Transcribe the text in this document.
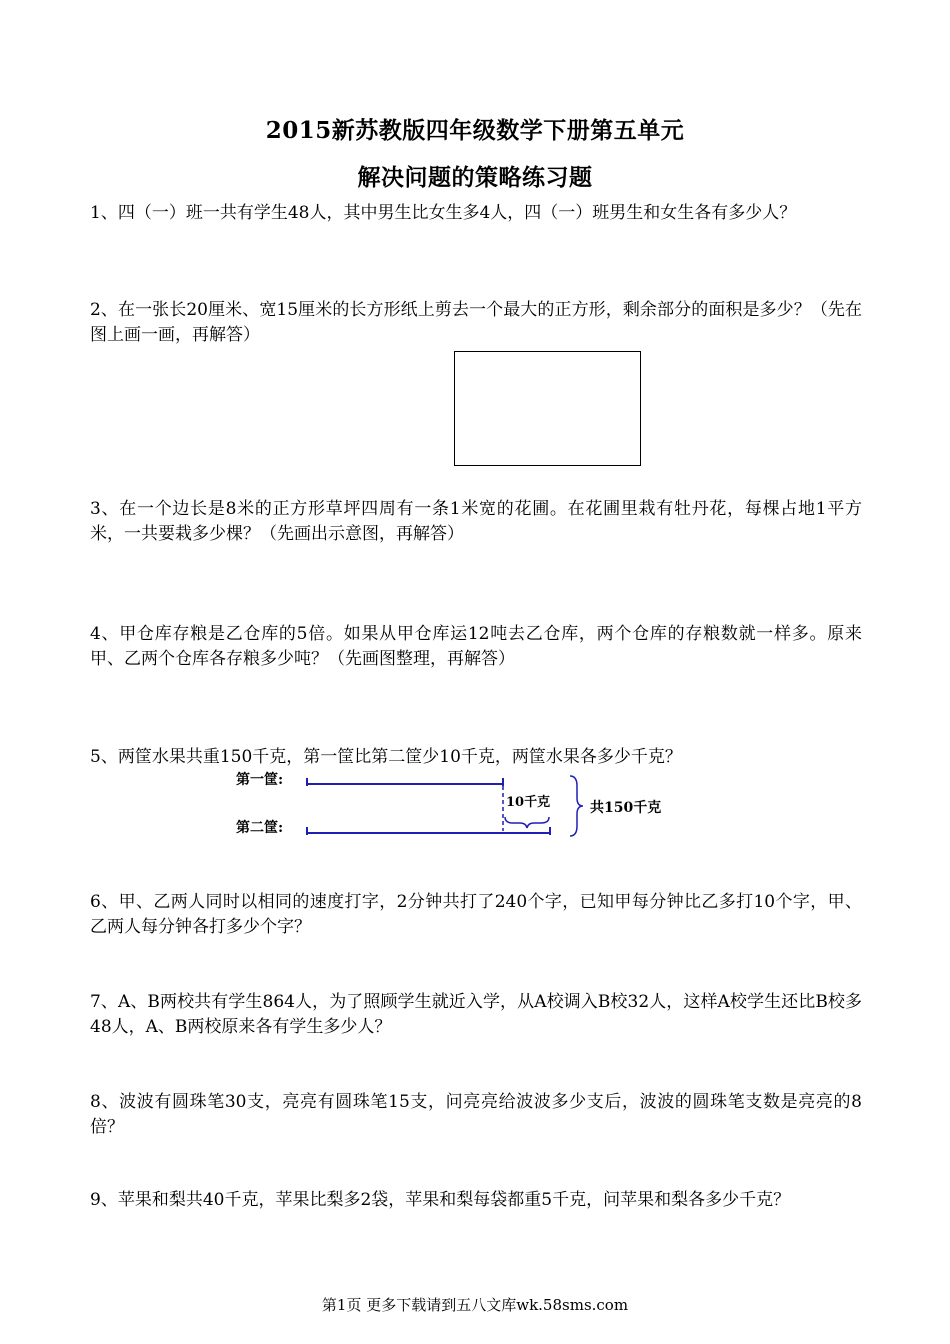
2015新苏教版四年级数学下册第五单元
解决问题的策略练习题
1、四（一）班一共有学生48人，其中男生比女生多4人，四（一）班男生和女生各有多少人？
2、在一张长20厘米、宽15厘米的长方形纸上剪去一个最大的正方形，剩余部分的面积是多少？（先在图上画一画，再解答）
3、在一个边长是8米的正方形草坪四周有一条1米宽的花圃。在花圃里栽有牡丹花，每棵占地1平方米，一共要栽多少棵？（先画出示意图，再解答）
4、甲仓库存粮是乙仓库的5倍。如果从甲仓库运12吨去乙仓库，两个仓库的存粮数就一样多。原来甲、乙两个仓库各存粮多少吨？（先画图整理，再解答）
5、两筐水果共重150千克，第一筐比第二筐少10千克，两筐水果各多少千克？
第一筐:
第二筐:
10千克	共150千克
6、甲、乙两人同时以相同的速度打字，2分钟共打了240个字，已知甲每分钟比乙多打10个字，甲、乙两人每分钟各打多少个字？
7、A、B两校共有学生864人，为了照顾学生就近入学，从A校调入B校32人，这样A校学生还比B校多48人，A、B两校原来各有学生多少人？
8、波波有圆珠笔30支，亮亮有圆珠笔15支，问亮亮给波波多少支后，波波的圆珠笔支数是亮亮的8倍？
9、苹果和梨共40千克，苹果比梨多2袋，苹果和梨每袋都重5千克，问苹果和梨各多少千克？
第1页 更多下载请到五八文库wk.58sms.com
